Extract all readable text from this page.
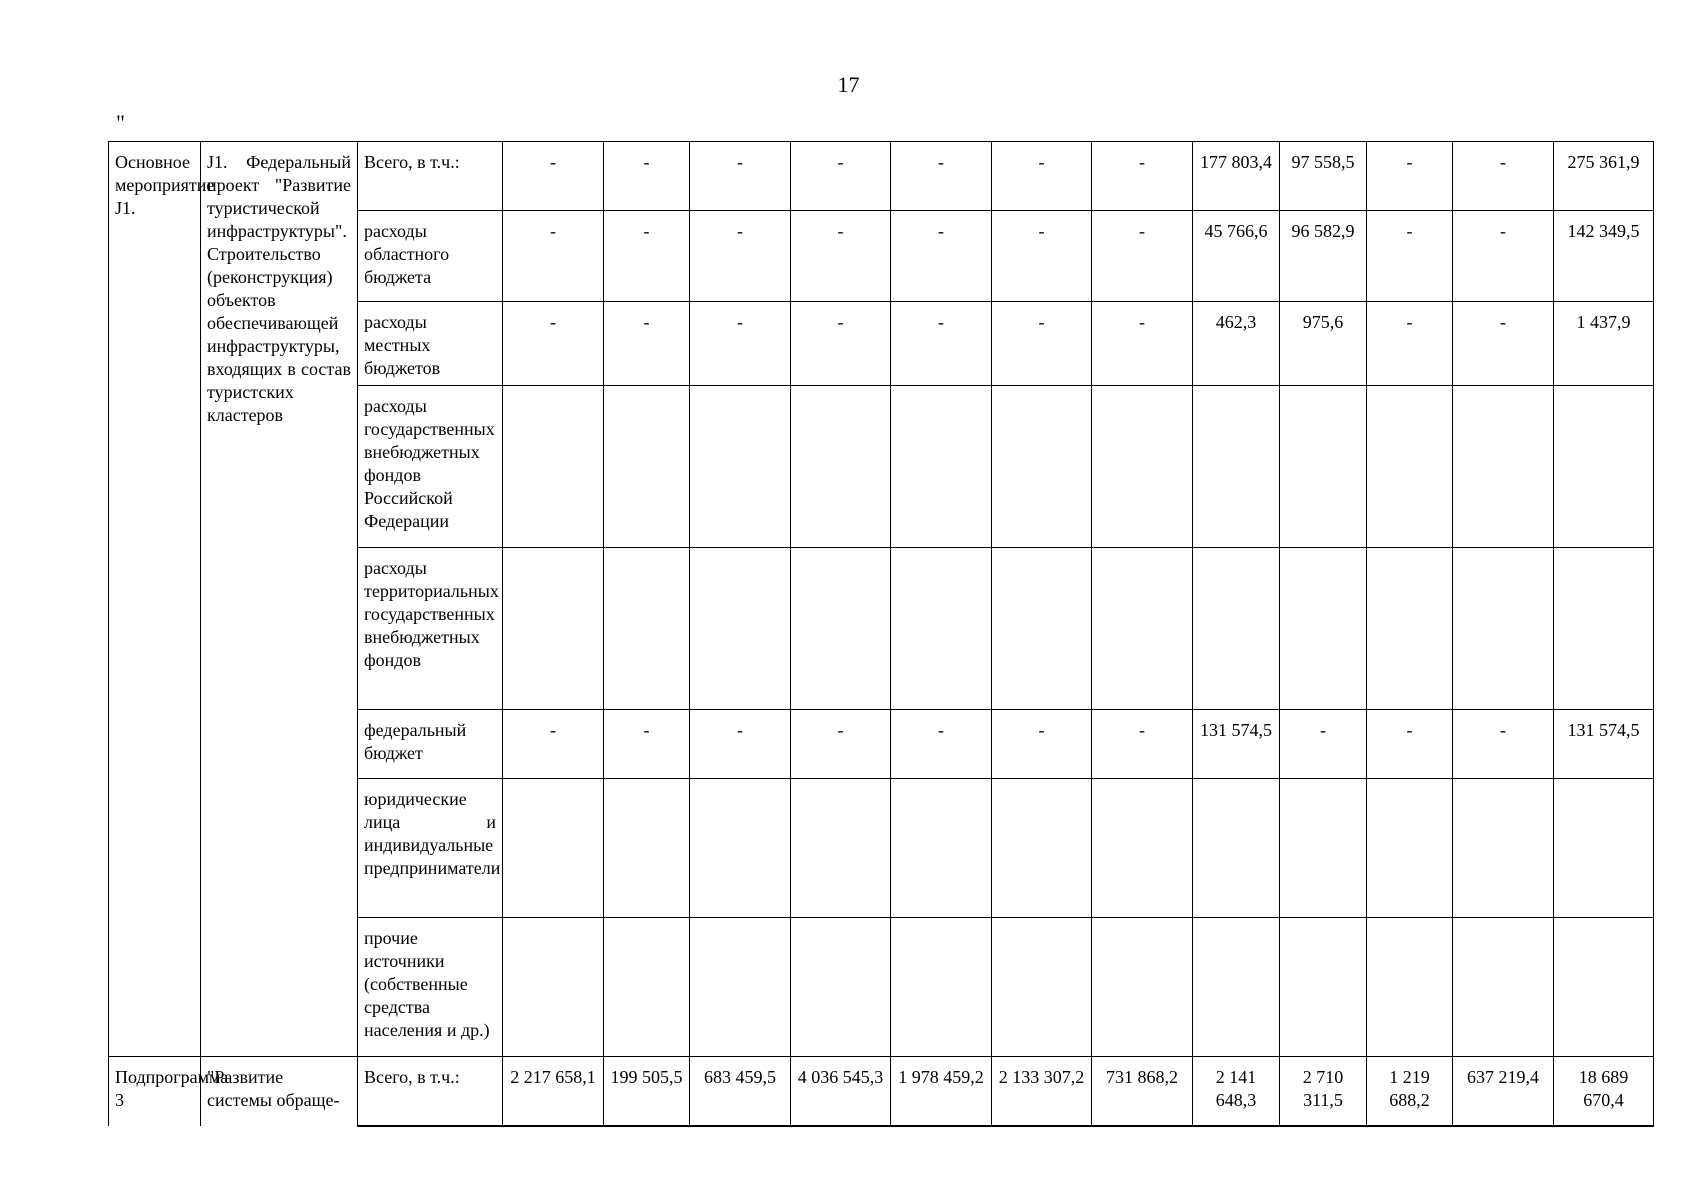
17
"
Основное мероприятие J1.	J1. Федеральный проект "Развитие туристической инфраструктуры". Строительство (реконструкция) объектов обеспечивающей инфраструктуры, входящих в состав туристских кластеров	Всего, в т.ч.:	-	-	-	-	-	-	-	177 803,4	97 558,5	-	-	275 361,9
		расходы областного бюджета	-	-	-	-	-	-	-	45 766,6	96 582,9	-	-	142 349,5
		расходы местных бюджетов	-	-	-	-	-	-	-	462,3	975,6	-	-	1 437,9
		расходы государственных внебюджетных фондов Российской Федерации												
		расходы территориальных государственных внебюджетных фондов												
		федеральный бюджет	-	-	-	-	-	-	-	131 574,5	-	-	-	131 574,5
		юридические лица и индивидуальные предприниматели												
		прочие источники (собственные средства населения и др.)												
Подпрограмма 3	"Развитие системы обраще-	Всего, в т.ч.:	2 217 658,1	199 505,5	683 459,5	4 036 545,3	1 978 459,2	2 133 307,2	731 868,2	2 141 648,3	2 710 311,5	1 219 688,2	637 219,4	18 689 670,4
